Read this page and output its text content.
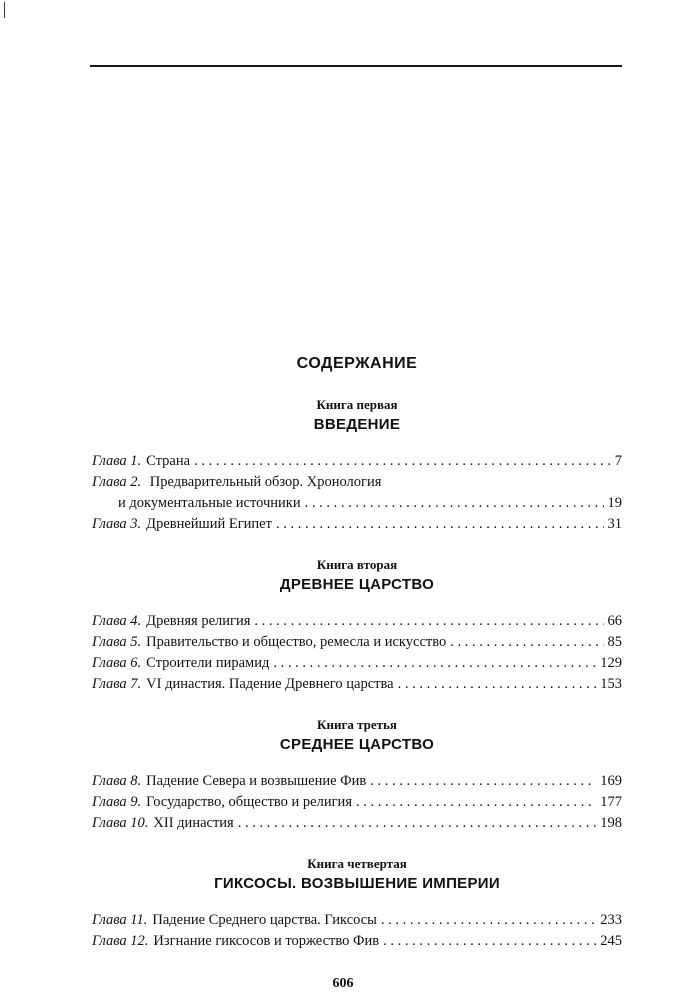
СОДЕРЖАНИЕ
Книга первая
ВВЕДЕНИЕ
Глава 1. Страна . . .	7
Глава 2. Предварительный обзор. Хронология
и документальные источники . . .	19
Глава 3. Древнейший Египет . . .	31
Книга вторая
ДРЕВНЕЕ ЦАРСТВО
Глава 4. Древняя религия . . .	66
Глава 5. Правительство и общество, ремесла и искусство . . .	85
Глава 6. Строители пирамид . . .	129
Глава 7. VI династия. Падение Древнего царства . . .	153
Книга третья
СРЕДНЕЕ ЦАРСТВО
Глава 8. Падение Севера и возвышение Фив . . .	169
Глава 9. Государство, общество и религия . . .	177
Глава 10. XII династия . . .	198
Книга четвертая
ГИКСОСЫ. ВОЗВЫШЕНИЕ ИМПЕРИИ
Глава 11. Падение Среднего царства. Гиксосы . . .	233
Глава 12. Изгнание гиксосов и торжество Фив . . .	245
606
